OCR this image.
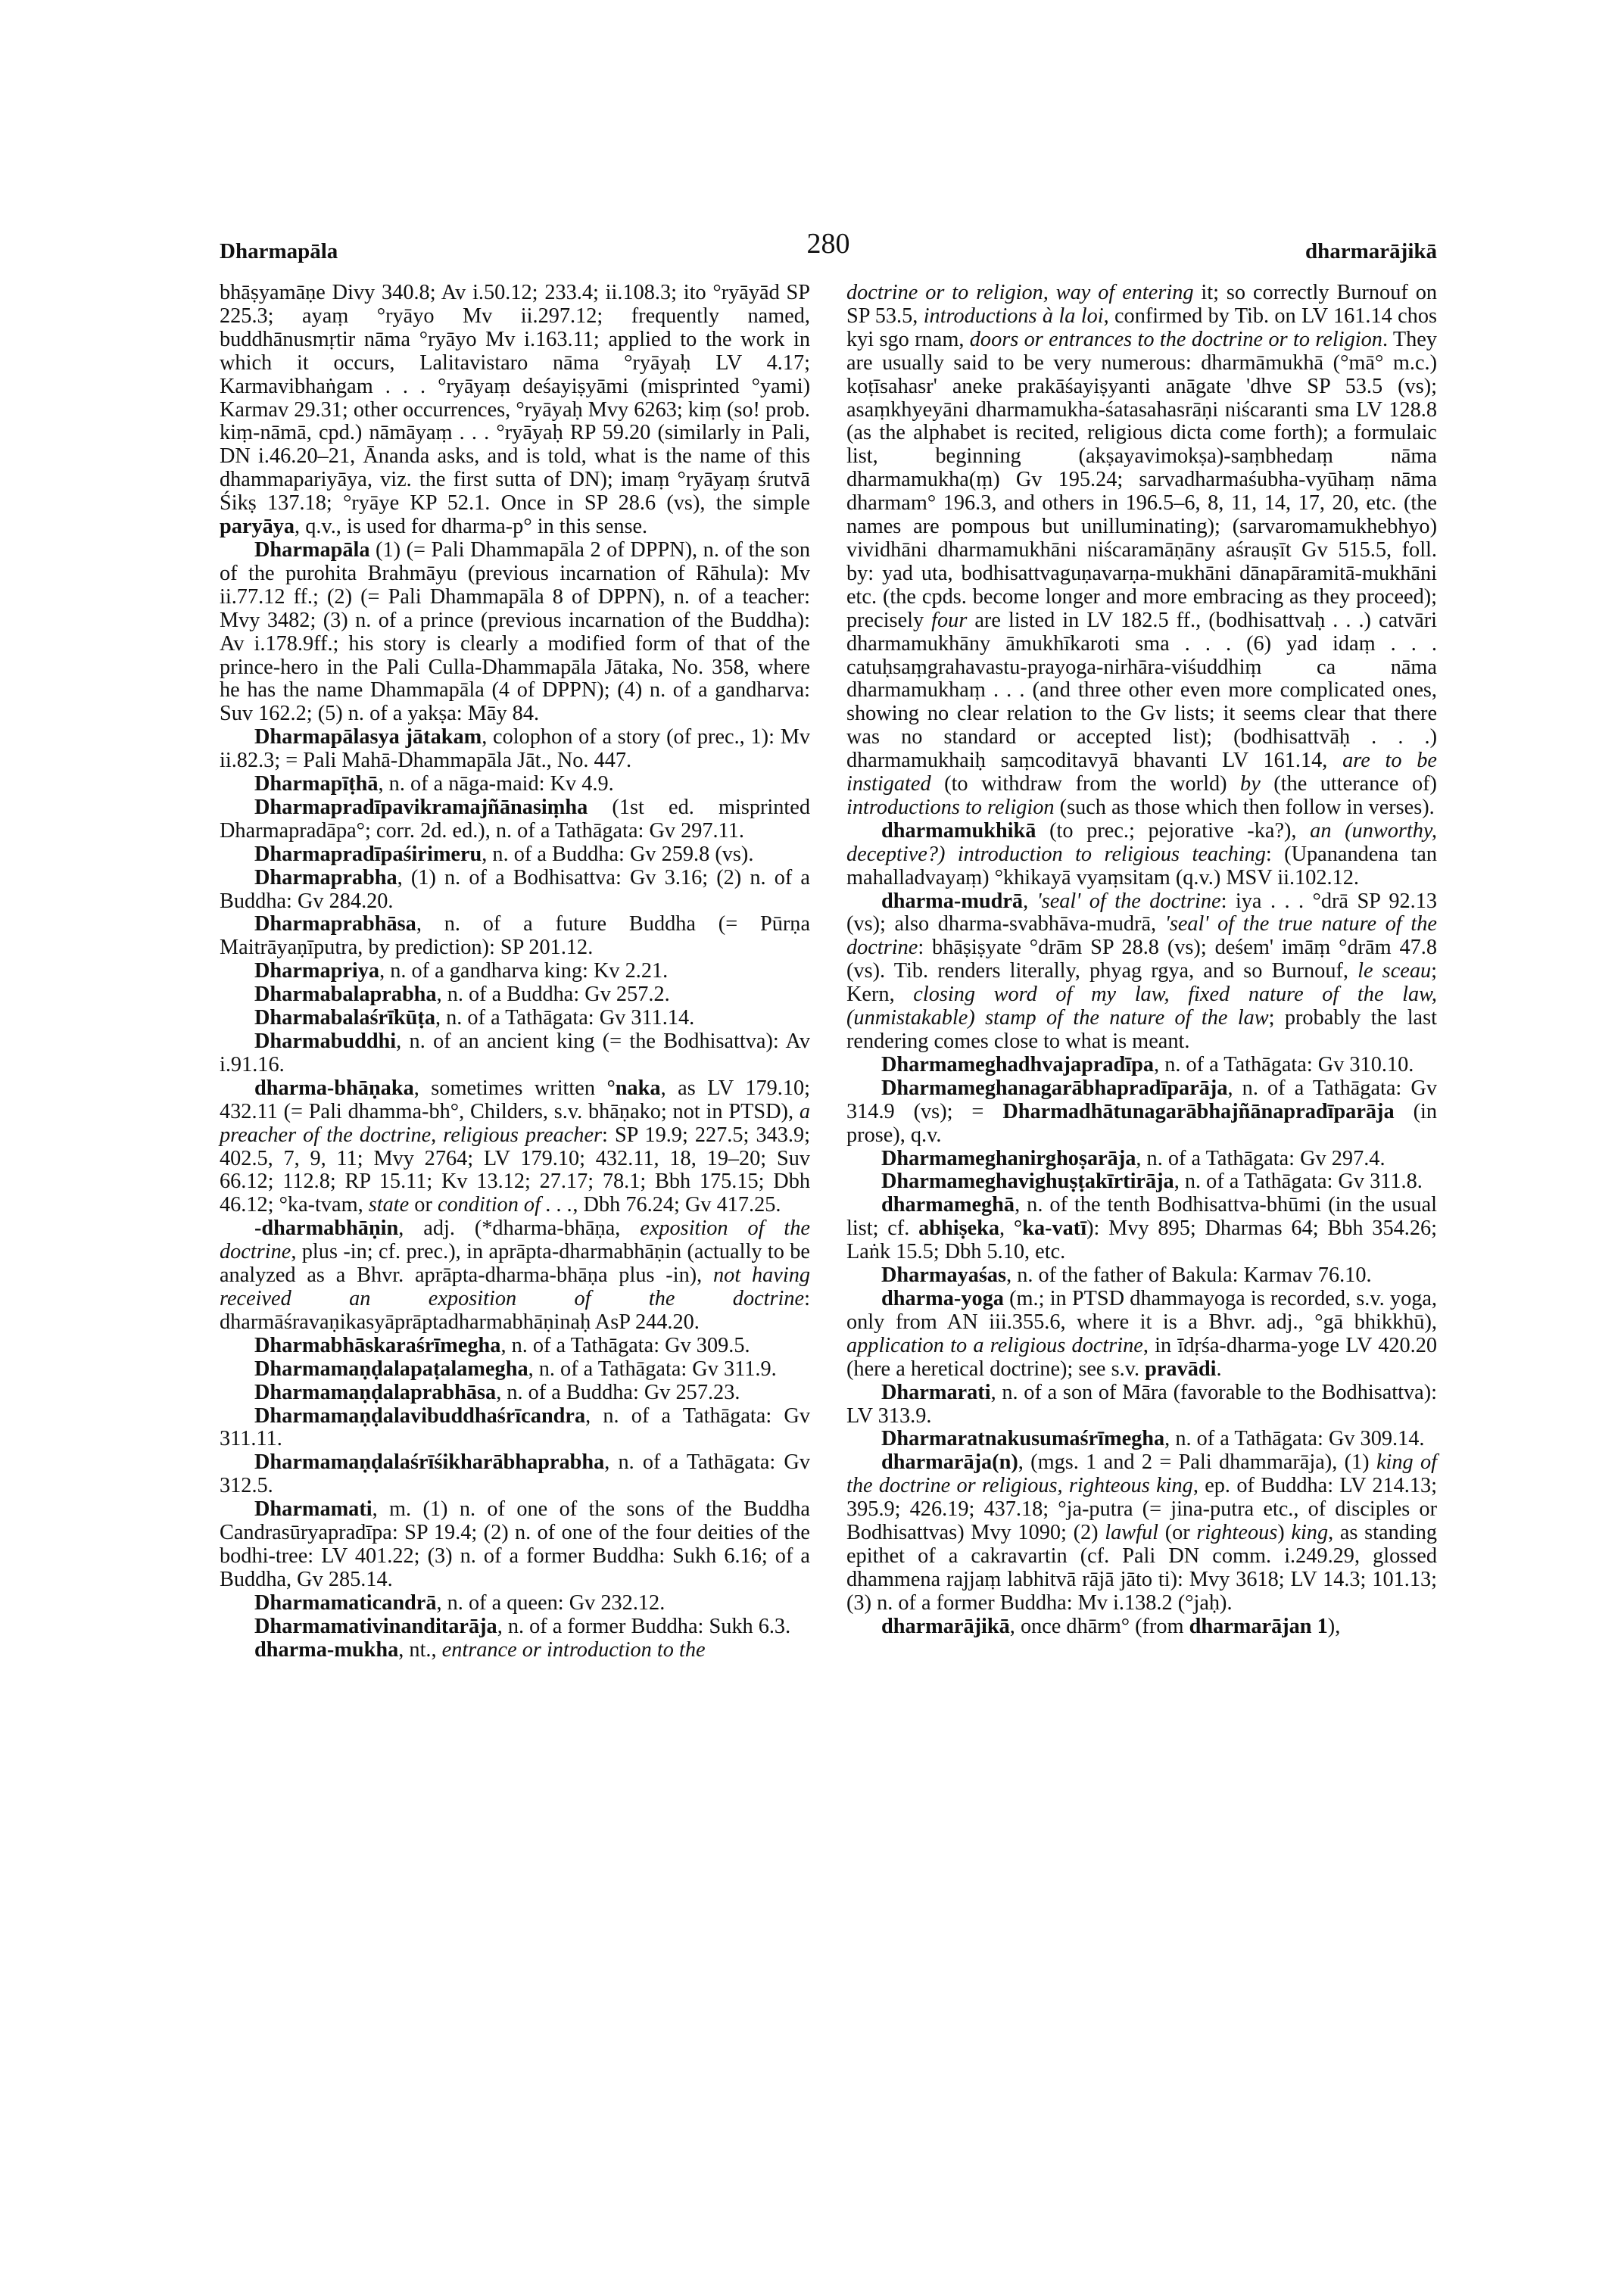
Dharmapāla	280	dharmarājikā

bhāṣyamāṇe Divy 340.8; Av i.50.12; 233.4; ii.108.3; ito °ryāyād SP 225.3; ayaṃ °ryāyo Mv ii.297.12; frequently named, buddhānusmṛtir nāma °ryāyo Mv i.163.11; applied to the work in which it occurs, Lalitavistaro nāma °ryāyaḥ LV 4.17; Karmavibhaṅgam . . . °ryāyaṃ deśayiṣyāmi (misprinted °yami) Karmav 29.31; other occurrences, °ryāyaḥ Mvy 6263; kiṃ (so! prob. kiṃ-nāmā, cpd.) nāmāyaṃ . . . °ryāyaḥ RP 59.20 (similarly in Pali, DN i.46.20–21, Ānanda asks, and is told, what is the name of this dhammapariyāya, viz. the first sutta of DN); imaṃ °ryāyaṃ śrutvā Śikṣ 137.18; °ryāye KP 52.1. Once in SP 28.6 (vs), the simple paryāya, q.v., is used for dharma-p° in this sense.

Dharmapāla (1) (= Pali Dhammapāla 2 of DPPN), n. of the son of the purohita Brahmāyu (previous incarnation of Rāhula): Mv ii.77.12 ff.; (2) (= Pali Dhammapāla 8 of DPPN), n. of a teacher: Mvy 3482; (3) n. of a prince (previous incarnation of the Buddha): Av i.178.9ff.; his story is clearly a modified form of that of the prince-hero in the Pali Culla-Dhammapāla Jātaka, No. 358, where he has the name Dhammapāla (4 of DPPN); (4) n. of a gandharva: Suv 162.2; (5) n. of a yakṣa: Māy 84.

Dharmapālasya jātakam, colophon of a story (of prec., 1): Mv ii.82.3; = Pali Mahā-Dhammapāla Jāt., No. 447.

Dharmapīṭhā, n. of a nāga-maid: Kv 4.9.

Dharmapradīpavikramajñānasiṃha (1st ed. misprinted Dharmapradāpa°; corr. 2d. ed.), n. of a Tathāgata: Gv 297.11.

Dharmapradīpaśirimeru, n. of a Buddha: Gv 259.8 (vs).

Dharmaprabha, (1) n. of a Bodhisattva: Gv 3.16; (2) n. of a Buddha: Gv 284.20.

Dharmaprabhāsa, n. of a future Buddha (= Pūrṇa Maitrāyaṇīputra, by prediction): SP 201.12.

Dharmapriya, n. of a gandharva king: Kv 2.21.

Dharmabalaprabha, n. of a Buddha: Gv 257.2.

Dharmabalaśrīkūṭa, n. of a Tathāgata: Gv 311.14.

Dharmabuddhi, n. of an ancient king (= the Bodhisattva): Av i.91.16.

dharma-bhāṇaka, sometimes written °naka, as LV 179.10; 432.11 (= Pali dhamma-bh°, Childers, s.v. bhāṇako; not in PTSD), a preacher of the doctrine, religious preacher: SP 19.9; 227.5; 343.9; 402.5, 7, 9, 11; Mvy 2764; LV 179.10; 432.11, 18, 19–20; Suv 66.12; 112.8; RP 15.11; Kv 13.12; 27.17; 78.1; Bbh 175.15; Dbh 46.12; °ka-tvam, state or condition of . . ., Dbh 76.24; Gv 417.25.

-dharmabhāṇin, adj. (*dharma-bhāṇa, exposition of the doctrine, plus -in; cf. prec.), in aprāpta-dharmabhāṇin (actually to be analyzed as a Bhvr. aprāpta-dharma-bhāṇa plus -in), not having received an exposition of the doctrine: dharmāśravaṇikasyāprāptadharmabhāṇinaḥ AsP 244.20.

Dharmabhāskaraśrīmegha, n. of a Tathāgata: Gv 309.5.

Dharmamaṇḍalapaṭalamegha, n. of a Tathāgata: Gv 311.9.

Dharmamaṇḍalaprabhāsa, n. of a Buddha: Gv 257.23.

Dharmamaṇḍalavibuddhaśrīcandra, n. of a Tathāgata: Gv 311.11.

Dharmamaṇḍalaśrīśikharābhaprabha, n. of a Tathāgata: Gv 312.5.

Dharmamati, m. (1) n. of one of the sons of the Buddha Candrasūryapradīpa: SP 19.4; (2) n. of one of the four deities of the bodhi-tree: LV 401.22; (3) n. of a former Buddha: Sukh 6.16; of a Buddha, Gv 285.14.

Dharmamaticandrā, n. of a queen: Gv 232.12.

Dharmamativinanditarāja, n. of a former Buddha: Sukh 6.3.

dharma-mukha, nt., entrance or introduction to the

doctrine or to religion, way of entering it; so correctly Burnouf on SP 53.5, introductions à la loi, confirmed by Tib. on LV 161.14 chos kyi sgo rnam, doors or entrances to the doctrine or to religion. They are usually said to be very numerous: dharmāmukhā (°mā° m.c.) koṭīsahasr' aneke prakāśayiṣyanti anāgate 'dhve SP 53.5 (vs); asaṃkhyeyāni dharmamukha-śatasahasrāṇi niścaranti sma LV 128.8 (as the alphabet is recited, religious dicta come forth); a formulaic list, beginning (akṣayavimokṣa)-saṃbhedaṃ nāma dharmamukha(ṃ) Gv 195.24; sarvadharmaśubha-vyūhaṃ nāma dharmam° 196.3, and others in 196.5–6, 8, 11, 14, 17, 20, etc. (the names are pompous but unilluminating); (sarvaromamukhebhyo) vividhāni dharmamukhāni niścaramāṇāny aśrauṣīt Gv 515.5, foll. by: yad uta, bodhisattvaguṇavarṇa-mukhāni dānapāramitā-mukhāni etc. (the cpds. become longer and more embracing as they proceed); precisely four are listed in LV 182.5 ff., (bodhisattvaḥ . . .) catvāri dharmamukhāny āmukhīkaroti sma . . . (6) yad idaṃ . . . catuḥsaṃgrahavastu-prayoga-nirhāra-viśuddhiṃ ca nāma dharmamukhaṃ . . . (and three other even more complicated ones, showing no clear relation to the Gv lists; it seems clear that there was no standard or accepted list); (bodhisattvāḥ . . .) dharmamukhaiḥ saṃcoditavyā bhavanti LV 161.14, are to be instigated (to withdraw from the world) by (the utterance of) introductions to religion (such as those which then follow in verses).

dharmamukhikā (to prec.; pejorative -ka?), an (unworthy, deceptive?) introduction to religious teaching: (Upanandena tan mahalladvayaṃ) °khikayā vyaṃsitam (q.v.) MSV ii.102.12.

dharma-mudrā, 'seal' of the doctrine: iya . . . °drā SP 92.13 (vs); also dharma-svabhāva-mudrā, 'seal' of the true nature of the doctrine: bhāṣiṣyate °drām SP 28.8 (vs); deśem' imāṃ °drām 47.8 (vs). Tib. renders literally, phyag rgya, and so Burnouf, le sceau; Kern, closing word of my law, fixed nature of the law, (unmistakable) stamp of the nature of the law; probably the last rendering comes close to what is meant.

Dharmameghadhvajapradīpa, n. of a Tathāgata: Gv 310.10.

Dharmameghanagarābhapradīparāja, n. of a Tathāgata: Gv 314.9 (vs); = Dharmadhātunagarābhajñānapradīparāja (in prose), q.v.

Dharmameghanirghoṣarāja, n. of a Tathāgata: Gv 297.4.

Dharmameghavighuṣṭakīrtirāja, n. of a Tathāgata: Gv 311.8.

dharmameghā, n. of the tenth Bodhisattva-bhūmi (in the usual list; cf. abhiṣeka, °ka-vatī): Mvy 895; Dharmas 64; Bbh 354.26; Laṅk 15.5; Dbh 5.10, etc.

Dharmayaśas, n. of the father of Bakula: Karmav 76.10.

dharma-yoga (m.; in PTSD dhammayoga is recorded, s.v. yoga, only from AN iii.355.6, where it is a Bhvr. adj., °gā bhikkhū), application to a religious doctrine, in īdṛśa-dharma-yoge LV 420.20 (here a heretical doctrine); see s.v. pravādi.

Dharmarati, n. of a son of Māra (favorable to the Bodhisattva): LV 313.9.

Dharmaratnakusumaśrīmegha, n. of a Tathāgata: Gv 309.14.

dharmarāja(n), (mgs. 1 and 2 = Pali dhammarāja), (1) king of the doctrine or religious, righteous king, ep. of Buddha: LV 214.13; 395.9; 426.19; 437.18; °ja-putra (= jina-putra etc., of disciples or Bodhisattvas) Mvy 1090; (2) lawful (or righteous) king, as standing epithet of a cakravartin (cf. Pali DN comm. i.249.29, glossed dhammena rajjaṃ labhitvā rājā jāto ti): Mvy 3618; LV 14.3; 101.13; (3) n. of a former Buddha: Mv i.138.2 (°jaḥ).

dharmarājikā, once dhārm° (from dharmarājan 1),
